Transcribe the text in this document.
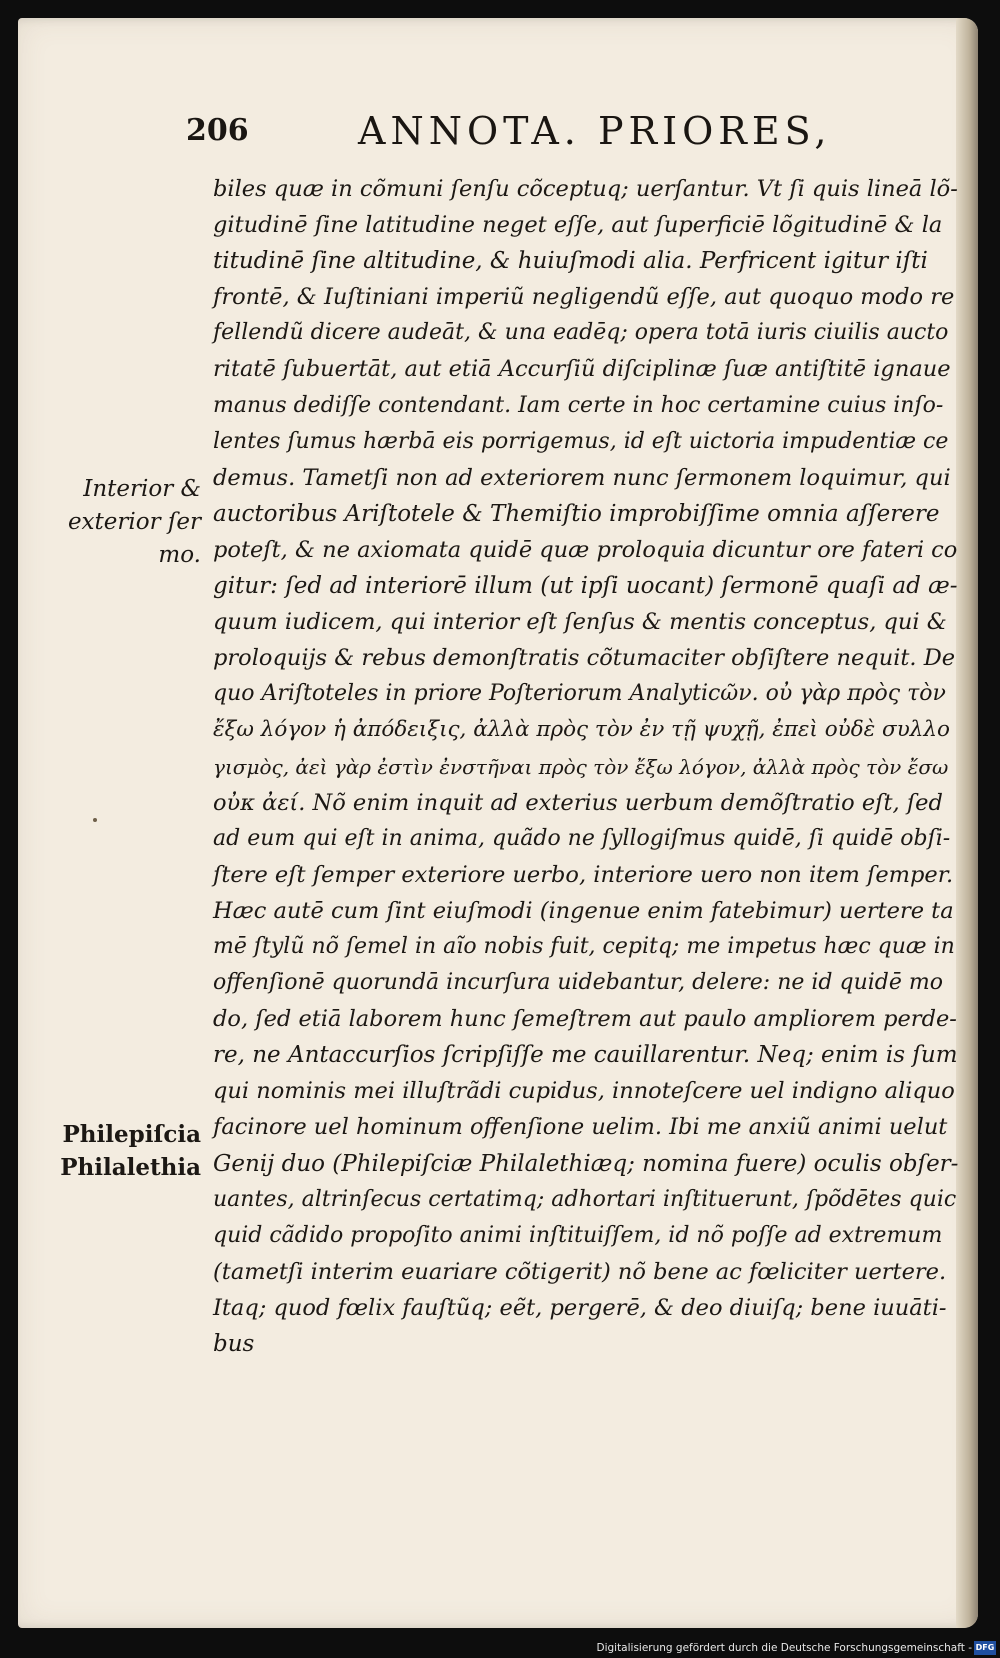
206	ANNOTA. PRIORES,
Interior &
exterior ſer
mo.
Philepiſcia
Philalethia
biles quæ in cõmuni ſenſu cõceptuq; uerſantur. Vt ſi quis lineā lõ-
gitudinē ſine latitudine neget eſſe, aut ſuperficiē lõgitudinē & la
titudinē ſine altitudine, & huiuſmodi alia. Perfricent igitur iſti
frontē, & Iuſtiniani imperiũ negligendũ eſſe, aut quoquo modo re
fellendũ dicere audeāt, & una eadēq; opera totā iuris ciuilis aucto
ritatē ſubuertāt, aut etiā Accurſiũ diſciplinæ ſuæ antiſtitē ignaue
manus dediſſe contendant. Iam certe in hoc certamine cuius inſo-
lentes ſumus hærbā eis porrigemus, id eſt uictoria impudentiæ ce
demus. Tametſi non ad exteriorem nunc ſermonem loquimur, qui
auctoribus Ariſtotele & Themiſtio improbiſſime omnia aſſerere
poteſt, & ne axiomata quidē quæ proloquia dicuntur ore fateri co
gitur: ſed ad interiorē illum (ut ipſi uocant) ſermonē quaſi ad æ-
quum iudicem, qui interior eſt ſenſus & mentis conceptus, qui &
proloquijs & rebus demonſtratis cõtumaciter obſiſtere nequit. De
quo Ariſtoteles in priore Poſteriorum Analyticῶν. οὐ γὰρ πρὸς τὸν
ἔξω λόγον ἡ ἀπόδειξις, ἀλλὰ πρὸς τὸν ἐν τῇ ψυχῇ, ἐπεὶ οὐδὲ συλλο
γισμὸς, ἀεὶ γὰρ ἐστὶν ἐνστῆναι πρὸς τὸν ἔξω λόγον, ἀλλὰ πρὸς τὸν ἔσω
οὐκ ἀεί. Nõ enim inquit ad exterius uerbum demõſtratio eſt, ſed
ad eum qui eſt in anima, quãdo ne ſyllogiſmus quidē, ſi quidē obſi-
ſtere eſt ſemper exteriore uerbo, interiore uero non item ſemper.
Hæc autē cum ſint eiuſmodi (ingenue enim fatebimur) uertere ta
mē ſtylũ nõ ſemel in aĩo nobis fuit, cepitq; me impetus hæc quæ in
offenſionē quorundā incurſura uidebantur, delere: ne id quidē mo
do, ſed etiā laborem hunc ſemeſtrem aut paulo ampliorem perde-
re, ne Antaccurſios ſcripſiſſe me cauillarentur. Neq; enim is ſum
qui nominis mei illuſtrãdi cupidus, innoteſcere uel indigno aliquo
facinore uel hominum offenſione uelim. Ibi me anxiũ animi uelut
Genij duo (Philepiſciæ Philalethiæq; nomina fuere) oculis obſer-
uantes, altrinſecus certatimq; adhortari inſtituerunt, ſpõdētes quic
quid cãdido propoſito animi inſtituiſſem, id nõ poſſe ad extremum
(tametſi interim euariare cõtigerit) nõ bene ac fœliciter uertere.
Itaq; quod fœlix fauſtũq; eẽt, pergerē, & deo diuiſq; bene iuuāti-
bus
Digitalisierung gefördert durch die Deutsche Forschungsgemeinschaft - DFG
